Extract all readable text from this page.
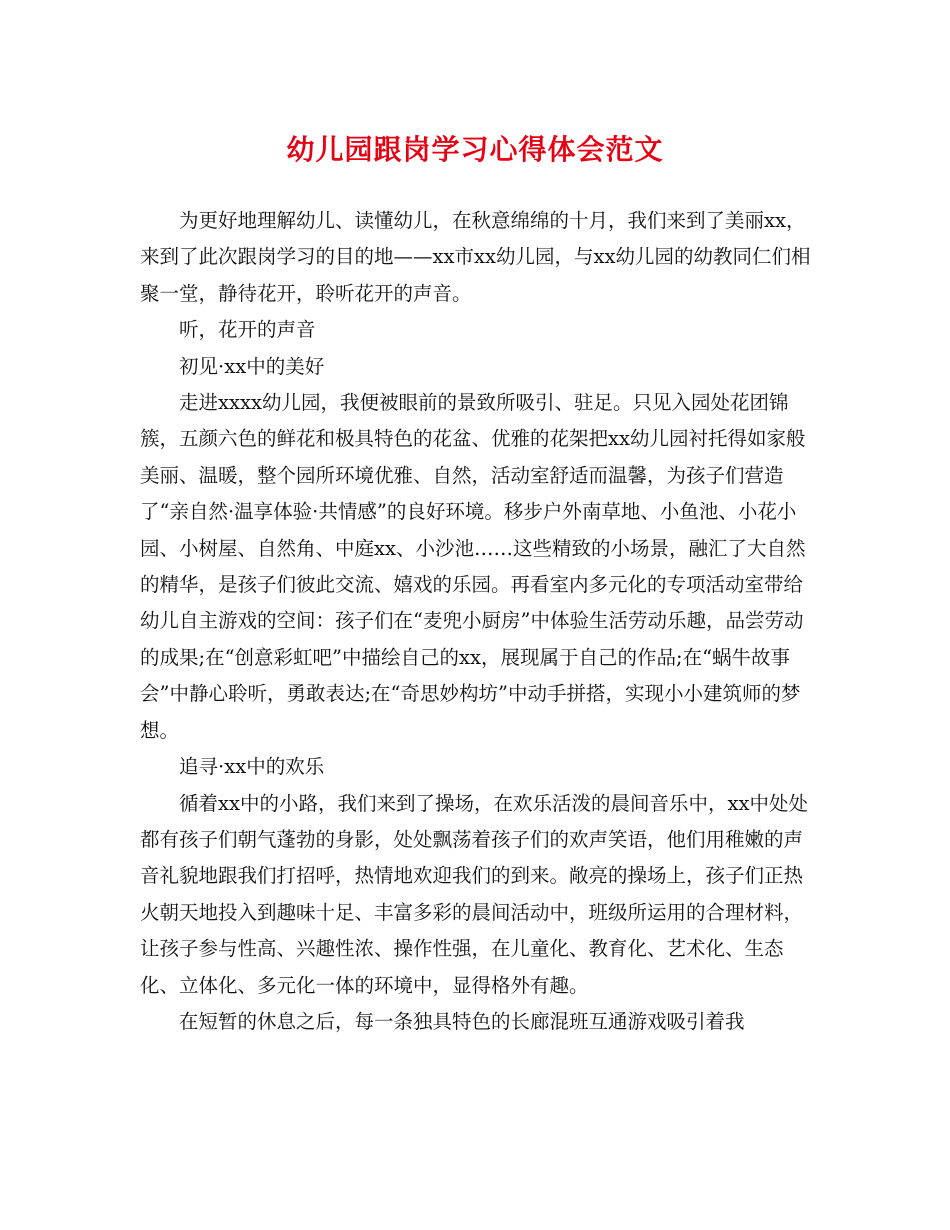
幼儿园跟岗学习心得体会范文

为更好地理解幼儿、读懂幼儿，在秋意绵绵的十月，我们来到了美丽xx，来到了此次跟岗学习的目的地——xx市xx幼儿园，与xx幼儿园的幼教同仁们相聚一堂，静待花开，聆听花开的声音。

听，花开的声音

初见·xx中的美好

走进xxxx幼儿园，我便被眼前的景致所吸引、驻足。只见入园处花团锦簇，五颜六色的鲜花和极具特色的花盆、优雅的花架把xx幼儿园衬托得如家般美丽、温暖，整个园所环境优雅、自然，活动室舒适而温馨，为孩子们营造了“亲自然·温享体验·共情感”的良好环境。移步户外南草地、小鱼池、小花小园、小树屋、自然角、中庭xx、小沙池……这些精致的小场景，融汇了大自然的精华，是孩子们彼此交流、嬉戏的乐园。再看室内多元化的专项活动室带给幼儿自主游戏的空间：孩子们在“麦兜小厨房”中体验生活劳动乐趣，品尝劳动的成果;在“创意彩虹吧”中描绘自己的xx，展现属于自己的作品;在“蜗牛故事会”中静心聆听，勇敢表达;在“奇思妙构坊”中动手拼搭，实现小小建筑师的梦想。

追寻·xx中的欢乐

循着xx中的小路，我们来到了操场，在欢乐活泼的晨间音乐中，xx中处处都有孩子们朝气蓬勃的身影，处处飘荡着孩子们的欢声笑语，他们用稚嫩的声音礼貌地跟我们打招呼，热情地欢迎我们的到来。敞亮的操场上，孩子们正热火朝天地投入到趣味十足、丰富多彩的晨间活动中，班级所运用的合理材料，让孩子参与性高、兴趣性浓、操作性强，在儿童化、教育化、艺术化、生态化、立体化、多元化一体的环境中，显得格外有趣。

在短暂的休息之后，每一条独具特色的长廊混班互通游戏吸引着我
